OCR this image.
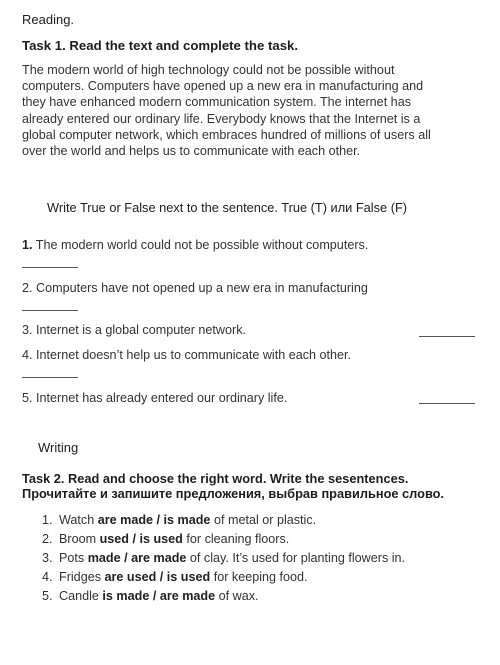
Reading.
Task 1. Read the text and complete the task.
The modern world of high technology could not be possible without
computers. Computers have opened up a new era in manufacturing and
they have enhanced modern communication system. The internet has
already entered our ordinary life. Everybody knows that the Internet is a
global computer network, which embraces hundred of millions of users all
over the world and helps us to communicate with each other.
Write True or False next to the sentence. True (T) или False (F)
1. The modern world could not be possible without computers.
2. Computers have not opened up a new era in manufacturing
3. Internet is a global computer network.
4. Internet doesn’t help us to communicate with each other.
5. Internet has already entered our ordinary life.
Writing
Task 2. Read and choose the right word. Write the sesentences.
Прочитайте и запишите предложения, выбрав правильное слово.
1. Watch are made / is made of metal or plastic.
2. Broom used / is used for cleaning floors.
3. Pots made / are made of clay. It’s used for planting flowers in.
4. Fridges are used / is used for keeping food.
5. Candle is made / are made of wax.
